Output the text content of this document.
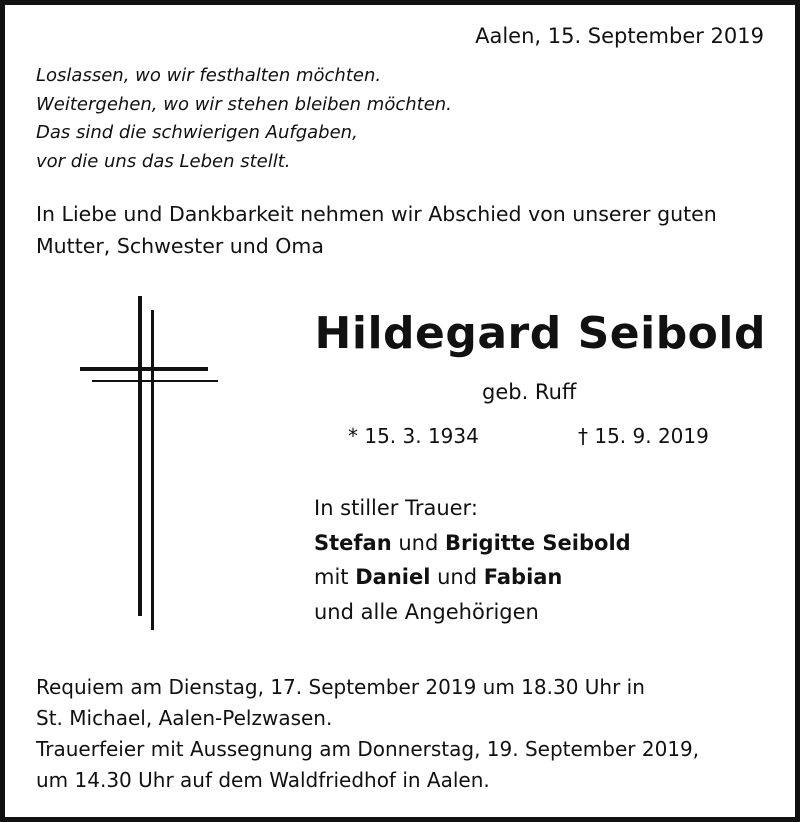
Aalen, 15. September 2019
Loslassen, wo wir festhalten möchten.
Weitergehen, wo wir stehen bleiben möchten.
Das sind die schwierigen Aufgaben,
vor die uns das Leben stellt.
In Liebe und Dankbarkeit nehmen wir Abschied von unserer guten
Mutter, Schwester und Oma
Hildegard Seibold
geb. Ruff
* 15. 3. 1934	† 15. 9. 2019
In stiller Trauer:
Stefan und Brigitte Seibold
mit Daniel und Fabian
und alle Angehörigen
Requiem am Dienstag, 17. September 2019 um 18.30 Uhr in
St. Michael, Aalen-Pelzwasen.
Trauerfeier mit Aussegnung am Donnerstag, 19. September 2019,
um 14.30 Uhr auf dem Waldfriedhof in Aalen.
